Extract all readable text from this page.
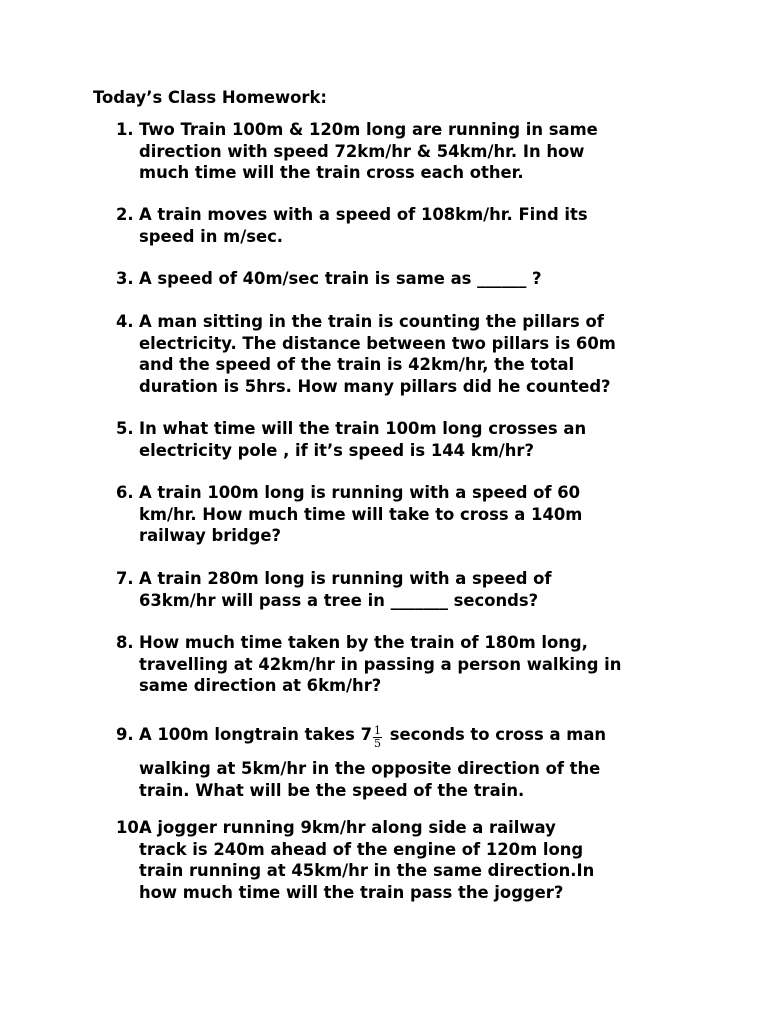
Today’s Class Homework:
1. Two Train 100m & 120m long are running in same
direction with speed 72km/hr & 54km/hr. In how
much time will the train cross each other.
2. A train moves with a speed of 108km/hr. Find its
speed in m/sec.
3. A speed of 40m/sec train is same as ______ ?
4. A man sitting in the train is counting the pillars of
electricity. The distance between two pillars is 60m
and the speed of the train is 42km/hr, the total
duration is 5hrs. How many pillars did he counted?
5. In what time will the train 100m long crosses an
electricity pole , if it’s speed is 144 km/hr?
6. A train 100m long is running with a speed of 60
km/hr. How much time will take to cross a 140m
railway bridge?
7. A train 280m long is running with a speed of
63km/hr will pass a tree in _______ seconds?
8. How much time taken by the train of 180m long,
travelling at 42km/hr in passing a person walking in
same direction at 6km/hr?
9. A 100m longtrain takes $7 \frac{1}{5}$ seconds to cross a man
walking at 5km/hr in the opposite direction of the
train. What will be the speed of the train.
10.
A jogger running 9km/hr along side a railway
track is 240m ahead of the engine of 120m long
train running at 45km/hr in the same direction.In
how much time will the train pass the jogger?
